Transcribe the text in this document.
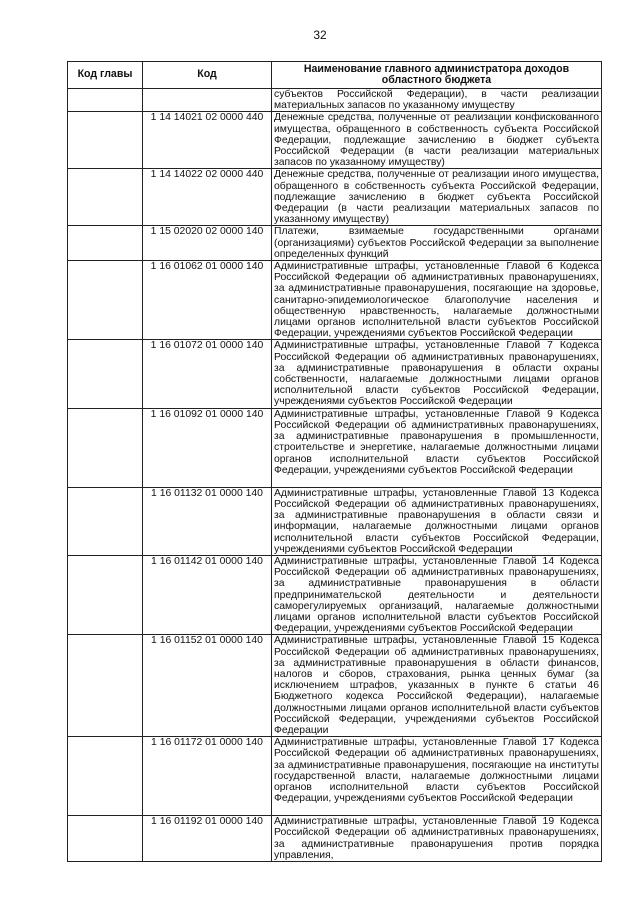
32
Код главы	Код	Наименование главного администратора доходов областного бюджета
		субъектов Российской Федерации), в части реализации материальных запасов по указанному имуществу
	1 14 14021 02 0000 440	Денежные средства, полученные от реализации конфискованного имущества, обращенного в собственность субъекта Российской Федерации, подлежащие зачислению в бюджет субъекта Российской Федерации (в части реализации материальных запасов по указанному имуществу)
	1 14 14022 02 0000 440	Денежные средства, полученные от реализации иного имущества, обращенного в собственность субъекта Российской Федерации, подлежащие зачислению в бюджет субъекта Российской Федерации (в части реализации материальных запасов по указанному имуществу)
	1 15 02020 02 0000 140	Платежи, взимаемые государственными органами (организациями) субъектов Российской Федерации за выполнение определенных функций
	1 16 01062 01 0000 140	Административные штрафы, установленные Главой 6 Кодекса Российской Федерации об административных правонарушениях, за административные правонарушения, посягающие на здоровье, санитарно-эпидемиологическое благополучие населения и общественную нравственность, налагаемые должностными лицами органов исполнительной власти субъектов Российской Федерации, учреждениями субъектов Российской Федерации
	1 16 01072 01 0000 140	Административные штрафы, установленные Главой 7 Кодекса Российской Федерации об административных правонарушениях, за административные правонарушения в области охраны собственности, налагаемые должностными лицами органов исполнительной власти субъектов Российской Федерации, учреждениями субъектов Российской Федерации
	1 16 01092 01 0000 140	Административные штрафы, установленные Главой 9 Кодекса Российской Федерации об административных правонарушениях, за административные правонарушения в промышленности, строительстве и энергетике, налагаемые должностными лицами органов исполнительной власти субъектов Российской Федерации, учреждениями субъектов Российской Федерации
	1 16 01132 01 0000 140	Административные штрафы, установленные Главой 13 Кодекса Российской Федерации об административных правонарушениях, за административные правонарушения в области связи и информации, налагаемые должностными лицами органов исполнительной власти субъектов Российской Федерации, учреждениями субъектов Российской Федерации
	1 16 01142 01 0000 140	Административные штрафы, установленные Главой 14 Кодекса Российской Федерации об административных правонарушениях, за административные правонарушения в области предпринимательской деятельности и деятельности саморегулируемых организаций, налагаемые должностными лицами органов исполнительной власти субъектов Российской Федерации, учреждениями субъектов Российской Федерации
	1 16 01152 01 0000 140	Административные штрафы, установленные Главой 15 Кодекса Российской Федерации об административных правонарушениях, за административные правонарушения в области финансов, налогов и сборов, страхования, рынка ценных бумаг (за исключением штрафов, указанных в пункте 6 статьи 46 Бюджетного кодекса Российской Федерации), налагаемые должностными лицами органов исполнительной власти субъектов Российской Федерации, учреждениями субъектов Российской Федерации
	1 16 01172 01 0000 140	Административные штрафы, установленные Главой 17 Кодекса Российской Федерации об административных правонарушениях, за административные правонарушения, посягающие на институты государственной власти, налагаемые должностными лицами органов исполнительной власти субъектов Российской Федерации, учреждениями субъектов Российской Федерации
	1 16 01192 01 0000 140	Административные штрафы, установленные Главой 19 Кодекса Российской Федерации об административных правонарушениях, за административные правонарушения против порядка управления,
